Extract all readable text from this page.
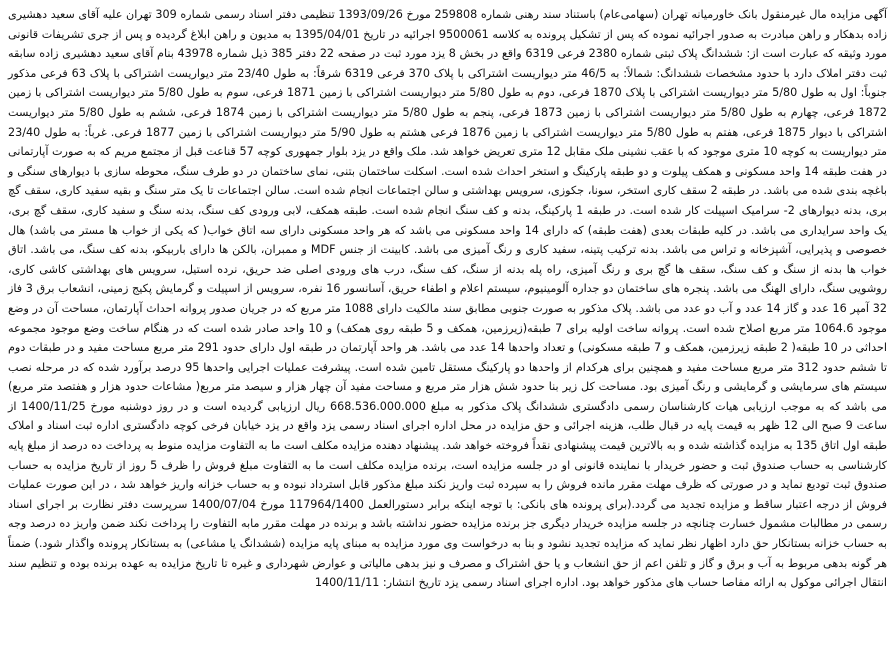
آگهی مزایده مال غیرمنقول بانک خاورمیانه تهران (سهامی‌عام) باستناد سند رهنی شماره 259808 مورخ 1393/09/26 تنظیمی دفتر اسناد رسمی شماره 309 تهران علیه آقای سعید دهشیری زاده بدهکار و راهن مبادرت به صدور اجرائیه نموده که پس از تشکیل پرونده به کلاسه 9500061 اجرائیه در تاریخ 1395/04/01 به مدیون و راهن ابلاغ گردیده و پس از جری تشریفات قانونی مورد وثیقه که عبارت است از: ششدانگ پلاک ثبتی شماره 2380 فرعی 6319 واقع در بخش 8 یزد مورد ثبت در صفحه 22 دفتر 385 ذیل شماره 43978 بنام آقای سعید دهشیری زاده سابقه ثبت دفتر املاک دارد با حدود مشخصات ششدانگ: شمالاً: به 46/5 متر دیواریست اشتراکی با پلاک 370 فرعی 6319 شرقاً: به طول 23/40 متر دیواریست اشتراکی با پلاک 63 فرعی مذکور جنوباً: اول به طول 5/80 متر دیواریست اشتراکی با پلاک 1870 فرعی، دوم به طول 5/80 متر دیواریست اشتراکی با زمین 1871 فرعی، سوم به طول 5/80 متر دیواریست اشتراکی با زمین 1872 فرعی، چهارم به طول 5/80 متر دیواریست اشتراکی با زمین 1873 فرعی، پنجم به طول 5/80 متر دیواریست اشتراکی با زمین 1874 فرعی، ششم به طول 5/80 متر دیواریست اشتراکی با دیوار 1875 فرعی، هفتم به طول 5/80 متر دیواریست اشتراکی با زمین 1876 فرعی هشتم به طول 5/90 متر دیواریست اشتراکی با زمین 1877 فرعی. غرباً: به طول 23/40 متر دیواریست به کوچه 10 متری موجود که با عقب نشینی ملک مقابل 12 متری تعریض خواهد شد. ملک واقع در یزد بلوار جمهوری کوچه 57 قناعت قبل از مجتمع مریم که به صورت آپارتمانی در هفت طبقه 14 واحد مسکونی و همکف پیلوت و دو طبقه پارکینگ و استخر احداث شده است. اسکلت ساختمان بتنی، نمای ساختمان در دو طرف سنگ، محوطه سازی با دیوارهای سنگی و باغچه بندی شده می باشد. در طبقه 2 سقف کاری استخر، سونا، جکوزی، سرویس بهداشتی و سالن اجتماعات انجام شده است. سالن اجتماعات تا یک متر سنگ و بقیه سفید کاری، سقف گچ بری، بدنه دیوارهای 2- سرامیک اسپیلت کار شده است. در طبقه 1 پارکینگ، بدنه و کف سنگ انجام شده است. طبقه همکف، لابی ورودی کف سنگ، بدنه سنگ و سفید کاری، سقف گچ بری، یک واحد سرایداری می باشد. در کلیه طبقات بعدی (هفت طبقه) که دارای 14 واحد مسکونی می باشد که هر واحد مسکونی دارای سه اتاق خواب( که یکی از خواب ها مستر می باشد) هال خصوصی و پذیرایی، آشپزخانه و تراس می باشد. بدنه ترکیب پتینه، سفید کاری و رنگ آمیزی می باشد. کابینت از جنس MDF و ممبران، بالکن ها دارای باربیکو، بدنه کف سنگ، می باشد. اتاق خواب ها بدنه از سنگ و کف سنگ، سقف ها گچ بری و رنگ آمیزی، راه پله بدنه از سنگ، کف سنگ، درب های ورودی اصلی ضد حریق، نرده استیل، سرویس های بهداشتی کاشی کاری، روشویی سنگ، دارای الهنگ می باشد. پنجره های ساختمان دو جداره آلومینیوم، سیستم اعلام و اطفاء حریق، آسانسور 16 نفره، سرویس از اسپیلت و گرمایش پکیج زمینی، انشعاب برق 3 فاز 32 آمپر 16 عدد و گاز 14 عدد و آب دو عدد می باشد. پلاک مذکور به صورت جنوبی مطابق سند مالکیت دارای 1088 متر مربع که در جریان صدور پروانه احداث آپارتمان، مساحت آن در وضع موجود 1064.6 متر مربع اصلاح شده است. پروانه ساخت اولیه برای 7 طبقه(زیرزمین، همکف و 5 طبقه روی همکف) و 10 واحد صادر شده است که در هنگام ساخت وضع موجود مجموعه احداثی در 10 طبقه( 2 طبقه زیرزمین، همکف و 7 طبقه مسکونی) و تعداد واحدها 14 عدد می باشد. هر واحد آپارتمان در طبقه اول دارای حدود 291 متر مربع مساحت مفید و در طبقات دوم تا ششم حدود 312 متر مربع مساحت مفید و همچنین برای هرکدام از واحدها دو پارکینگ مستقل تامین شده است. پیشرفت عملیات اجرایی واحدها 95 درصد برآورد شده که در مرحله نصب سیستم های سرمایشی و گرمایشی و رنگ آمیزی بود. مساحت کل زیر بنا حدود شش هزار متر مربع و مساحت مفید آن چهار هزار و سیصد متر مربع( مشاعات حدود هزار و هفتصد متر مربع) می باشد که به موجب ارزیابی هیات کارشناسان رسمی دادگستری ششدانگ پلاک مذکور به مبلغ 668.536.000.000 ریال ارزیابی گردیده است و در روز دوشنبه مورخ 1400/11/25 از ساعت 9 صبح الی 12 ظهر به قیمت پایه در قبال طلب، هزینه اجرائی و حق مزایده در محل اداره اجرای اسناد رسمی یزد واقع در یزد خیابان فرخی کوچه دادگستری اداره ثبت اسناد و املاک طبقه اول اتاق 135 به مزایده گذاشته شده و به بالاترین قیمت پیشنهادی نقداً فروخته خواهد شد. پیشنهاد دهنده مزایده مکلف است ما به التفاوت مزایده منوط به پرداخت ده درصد از مبلغ پایه کارشناسی به حساب صندوق ثبت و حضور خریدار با نماینده قانونی او در جلسه مزایده است، برنده مزایده مکلف است ما به التفاوت مبلغ فروش را ظرف 5 روز از تاریخ مزایده به حساب صندوق ثبت تودیع نماید و در صورتی که ظرف مهلت مقرر مانده فروش را به سپرده ثبت واریز نکند مبلغ مذکور قابل استرداد نبوده و به حساب خزانه واریز خواهد شد ، در این صورت عملیات فروش از درجه اعتبار ساقط و مزایده تجدید می گردد.(برای پرونده های بانکی: با توجه اینکه برابر دستورالعمل 117964/1400 مورخ 1400/07/04 سرپرست دفتر نظارت بر اجرای اسناد رسمی در مطالبات مشمول خسارت چنانچه در جلسه مزایده خریدار دیگری جز برنده مزایده حضور نداشته باشد و برنده در مهلت مقرر مابه التفاوت را پرداخت نکند ضمن واریز ده درصد وجه به حساب خزانه بستانکار حق دارد اظهار نظر نماید که مزایده تجدید نشود و بنا به درخواست وی مورد مزایده به مبنای پایه مزایده (ششدانگ یا مشاعی) به بستانکار پرونده واگذار شود.) ضمناً هر گونه بدهی مربوط به آب و برق و گاز و تلفن اعم از حق انشعاب و یا حق اشتراک و مصرف و نیز بدهی مالیاتی و عوارض شهرداری و غیره تا تاریخ مزایده به عهده برنده بوده و تنظیم سند انتقال اجرائی موکول به ارائه مفاصا حساب های مذکور خواهد بود. اداره اجرای اسناد رسمی یزد تاریخ انتشار: 1400/11/11
